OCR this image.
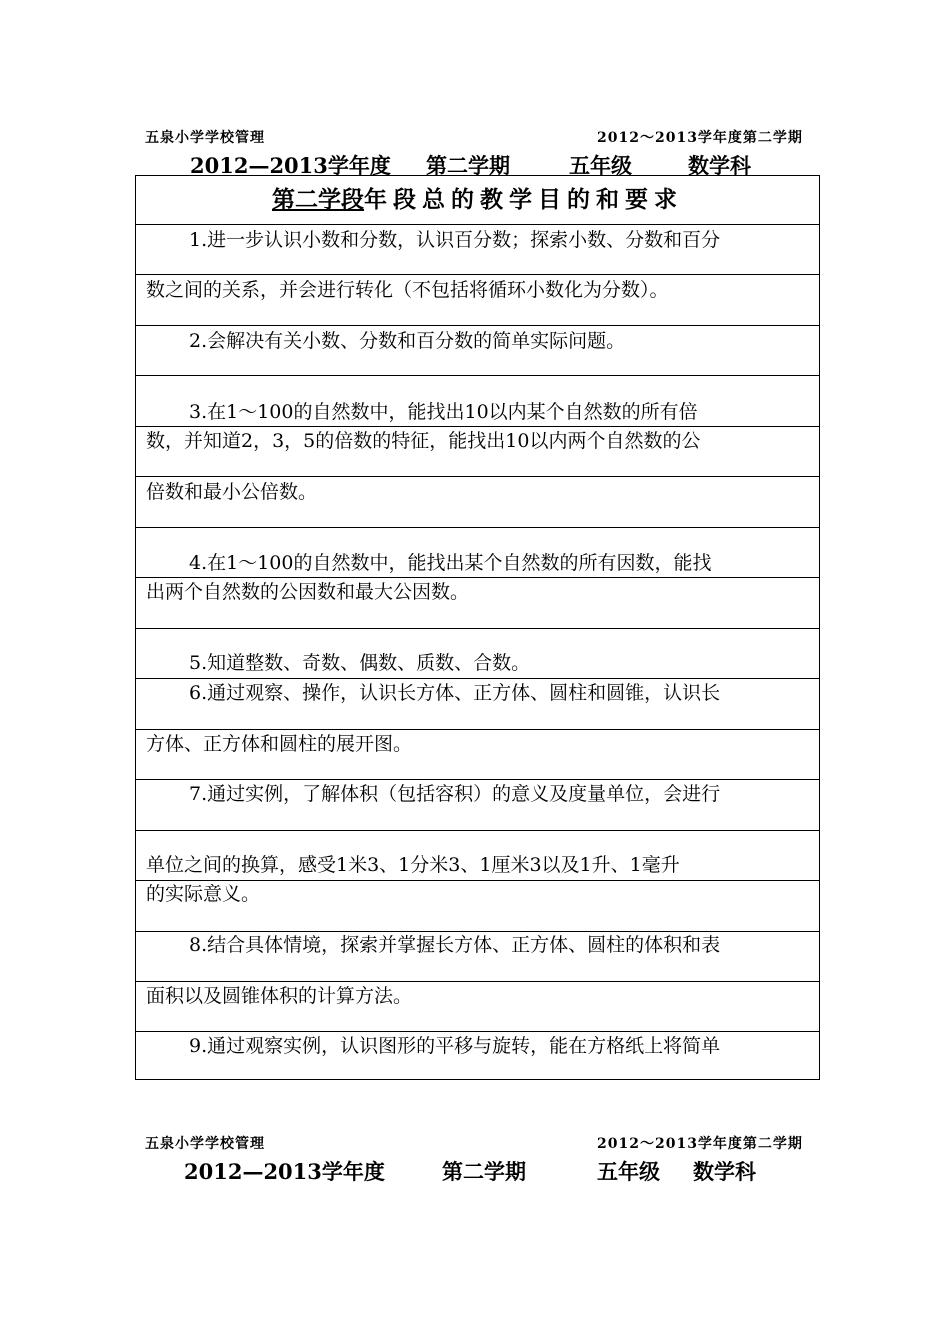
五泉小学学校管理	2012～2013学年度第二学期
2012—2013学年度 第二学期	五年级	数学科
第二学段年段总的教学目的和要求
1.进一步认识小数和分数，认识百分数；探索小数、分数和百分
数之间的关系，并会进行转化（不包括将循环小数化为分数）。
2.会解决有关小数、分数和百分数的简单实际问题。
3.在1～100的自然数中，能找出10以内某个自然数的所有倍
数，并知道2，3，5的倍数的特征，能找出10以内两个自然数的公
倍数和最小公倍数。
4.在1～100的自然数中，能找出某个自然数的所有因数，能找
出两个自然数的公因数和最大公因数。
5.知道整数、奇数、偶数、质数、合数。
6.通过观察、操作，认识长方体、正方体、圆柱和圆锥，认识长
方体、正方体和圆柱的展开图。
7.通过实例，了解体积（包括容积）的意义及度量单位，会进行
单位之间的换算，感受1米3、1分米3、1厘米3以及1升、1毫升
的实际意义。
8.结合具体情境，探索并掌握长方体、正方体、圆柱的体积和表
面积以及圆锥体积的计算方法。
9.通过观察实例，认识图形的平移与旋转，能在方格纸上将简单
五泉小学学校管理	2012～2013学年度第二学期
2012—2013学年度	第二学期	五年级 数学科
